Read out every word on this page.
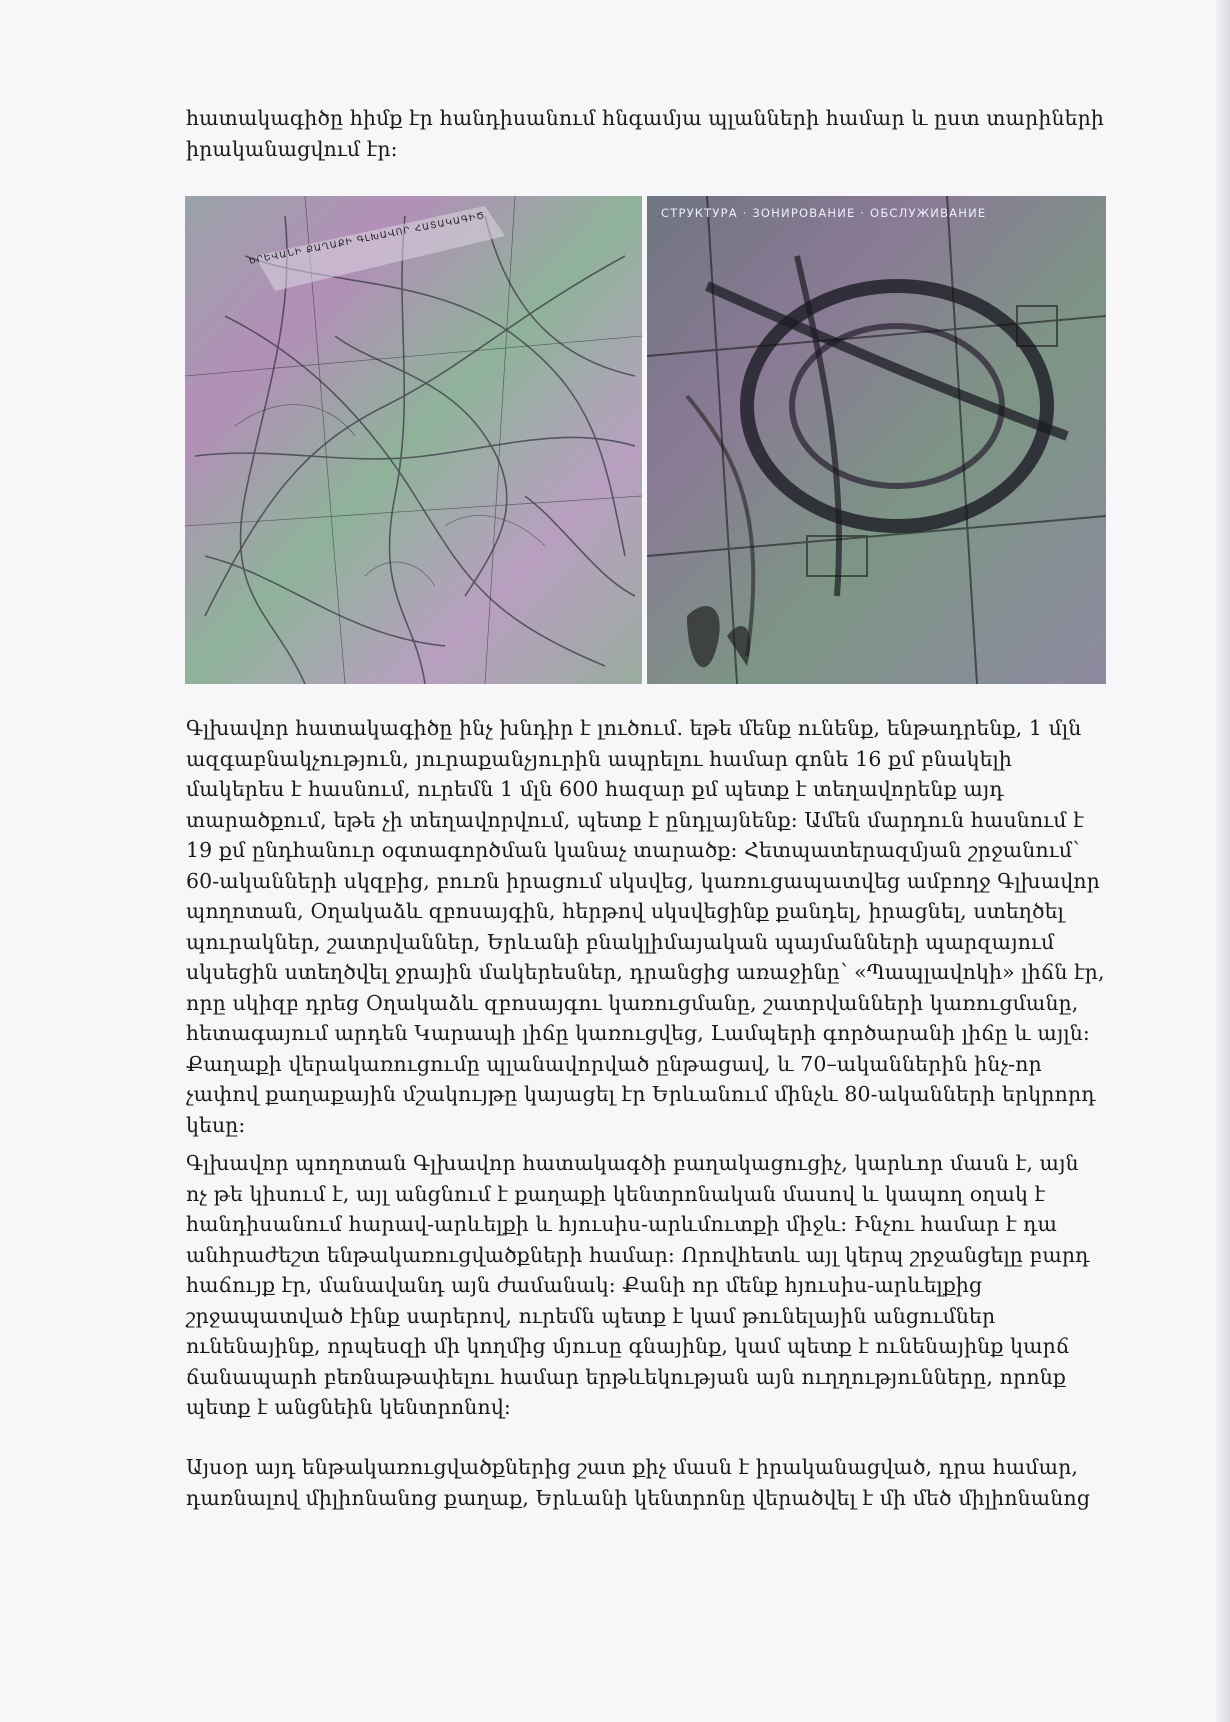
հատակագիծը հիմք էր հանդիսանում հնգամյա պլանների համար և ըստ տարիների իրականացվում էր:

ԵՐԵՎԱՆԻ ՔԱՂԱՔԻ ԳԼԽԱՎՈՐ ՀԱՏԱԿԱԳԻԾ	СТРУКТУРА · ЗОНИРОВАНИЕ · ОБСЛУЖИВАНИЕ

Գլխավոր հատակագիծը ինչ խնդիր է լուծում. եթե մենք ունենք, ենթադրենք, 1 մլն ազգաբնակչություն, յուրաքանչյուրին ապրելու համար գոնե 16 քմ բնակելի մակերես է հասնում, ուրեմն 1 մլն 600 հազար քմ պետք է տեղավորենք այդ տարածքում, եթե չի տեղավորվում, պետք է ընդլայնենք: Ամեն մարդուն հասնում է 19 քմ ընդհանուր օգտագործման կանաչ տարածք: Հետպատերազմյան շրջանում՝ 60-ականների սկզբից, բուռն իրացում սկսվեց, կառուցապատվեց ամբողջ Գլխավոր պողոտան, Օղակաձև զբոսայգին, հերթով սկսվեցինք քանդել, իրացնել, ստեղծել պուրակներ, շատրվաններ, Երևանի բնակլիմայական պայմանների պարզայում սկսեցին ստեղծվել ջրային մակերեսներ, դրանցից առաջինը՝ «Պապլավոկի» լիճն էր, որը սկիզբ դրեց Օղակաձև զբոսայգու կառուցմանը, շատրվանների կառուցմանը, հետագայում արդեն Կարապի լիճը կառուցվեց, Լամպերի գործարանի լիճը և այլն: Քաղաքի վերակառուցումը պլանավորված ընթացավ, և 70–ականներին ինչ-որ չափով քաղաքային մշակույթը կայացել էր Երևանում մինչև 80-ականների երկրորդ կեսը:

Գլխավոր պողոտան Գլխավոր հատակագծի բաղակացուցիչ, կարևոր մասն է, այն ոչ թե կիսում է, այլ անցնում է քաղաքի կենտրոնական մասով և կապող օղակ է հանդիսանում հարավ-արևելքի և հյուսիս-արևմուտքի միջև: Ինչու համար է դա անհրաժեշտ ենթակառուցվածքների համար: Որովհետև այլ կերպ շրջանցելը բարդ հաճույք էր, մանավանդ այն ժամանակ: Քանի որ մենք հյուսիս-արևելքից շրջապատված էինք սարերով, ուրեմն պետք է կամ թունելային անցումներ ունենայինք, որպեսզի մի կողմից մյուսը գնայինք, կամ պետք է ունենայինք կարճ ճանապարհ բեռնաթափելու համար երթևեկության այն ուղղությունները, որոնք պետք է անցնեին կենտրոնով:

Այսօր այդ ենթակառուցվածքներից շատ քիչ մասն է իրականացված, դրա համար, դառնալով միլիոնանոց քաղաք, Երևանի կենտրոնը վերածվել է մի մեծ միլիոնանոց
